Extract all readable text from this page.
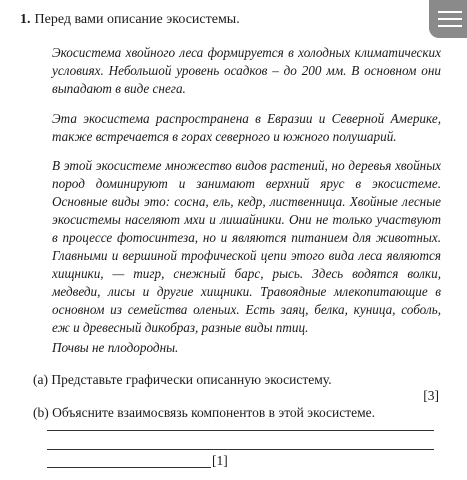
1. Перед вами описание экосистемы.
Экосистема хвойного леса формируется в холодных климатических условиях. Небольшой уровень осадков – до 200 мм. В основном они выпадают в виде снега.
Эта экосистема распространена в Евразии и Северной Америке, также встречается в горах северного и южного полушарий.
В этой экосистеме множество видов растений, но деревья хвойных пород доминируют и занимают верхний ярус в экосистеме. Основные виды это: сосна, ель, кедр, лиственница. Хвойные лесные экосистемы населяют мхи и лишайники. Они не только участвуют в процессе фотосинтеза, но и являются питанием для животных. Главными и вершиной трофической цепи этого вида леса являются хищники, — тигр, снежный барс, рысь. Здесь водятся волки, медведи, лисы и другие хищники. Травоядные млекопитающие в основном из семейства оленьих. Есть заяц, белка, куница, соболь, еж и древесный дикобраз, разные виды птиц.
Почвы не плодородны.
(a) Представьте графически описанную экосистему.
[3]
(b) Объясните взаимосвязь компонентов в этой экосистеме.
[1]
